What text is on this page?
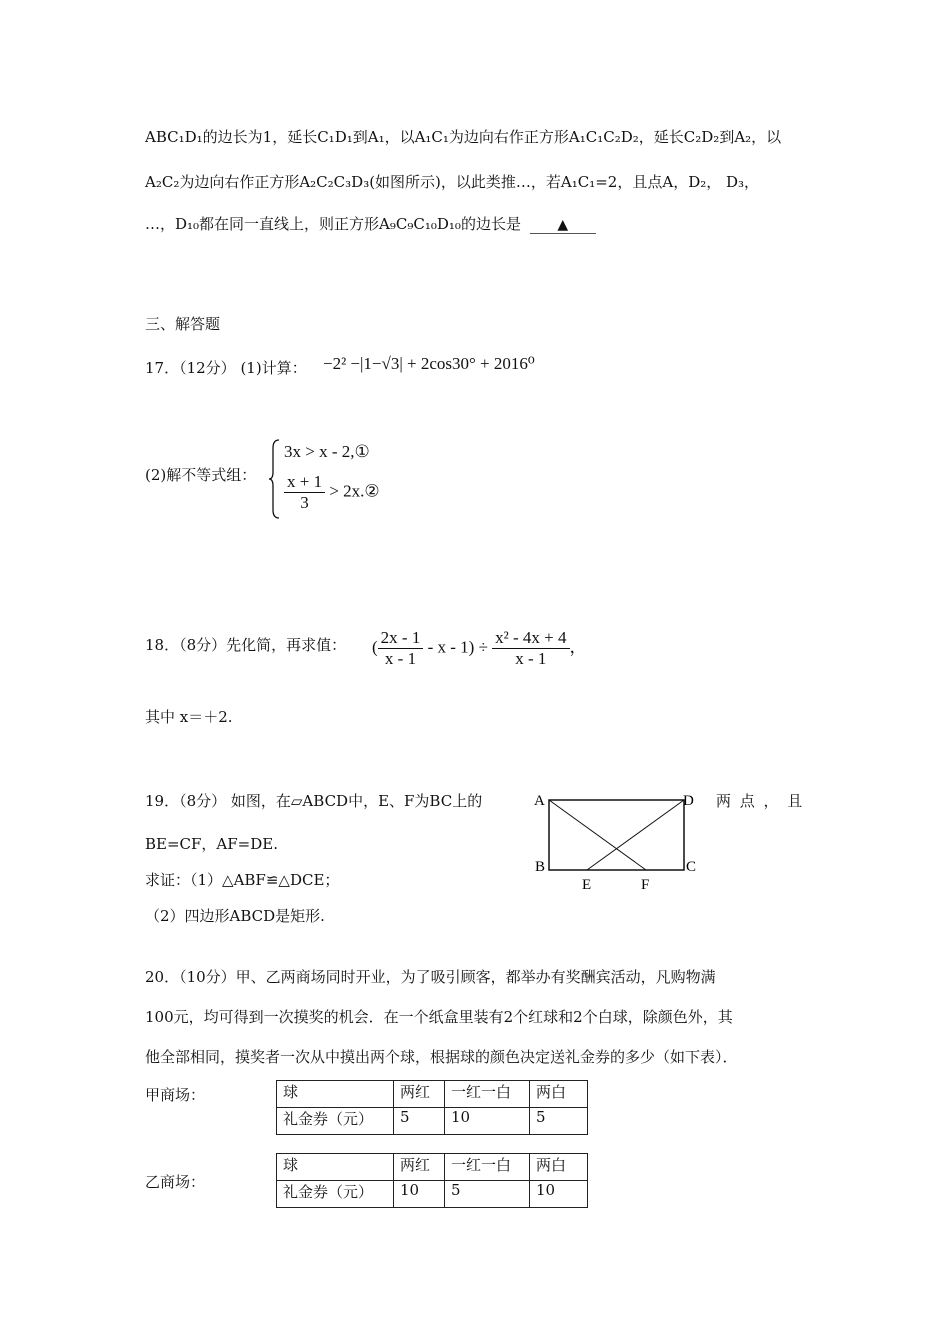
ABC₁D₁的边长为1，延长C₁D₁到A₁，以A₁C₁为边向右作正方形A₁C₁C₂D₂，延长C₂D₂到A₂，以
A₂C₂为边向右作正方形A₂C₂C₃D₃(如图所示)，以此类推…，若A₁C₁=2，且点A，D₂， D₃，
…，D₁₀都在同一直线上，则正方形A₉C₉C₁₀D₁₀的边长是	▲
三、解答题
17．（12分） (1)计算： −2² −|1−√3| + 2cos30° + 2016⁰
(2)解不等式组：
3x > x - 2,①
$\frac{x + 1}{3}$ > 2x.②
18．（8分）先化简，再求值： ( $\frac{2x - 1}{x - 1} - x - 1) \div \frac{\text{x² - 4x + 4}}{x - 1}$ ，
其中 x＝＋2.
19．（8分） 如图，在▱ABCD中，E、F为BC上的	两 点 ， 且
BE=CF，AF=DE.
求证：（1）△ABF≌△DCE；
（2）四边形ABCD是矩形.
A	D
B	C
E	F
20．（10分）甲、乙两商场同时开业，为了吸引顾客，都举办有奖酬宾活动，凡购物满
100元，均可得到一次摸奖的机会．在一个纸盒里装有2个红球和2个白球，除颜色外，其
他全部相同，摸奖者一次从中摸出两个球，根据球的颜色决定送礼金券的多少（如下表）．
甲商场：	球	两红	一红一白	两白
礼金券（元）	5	10	5
乙商场：
球	两红	一红一白	两白
礼金券（元）	10	5	10
